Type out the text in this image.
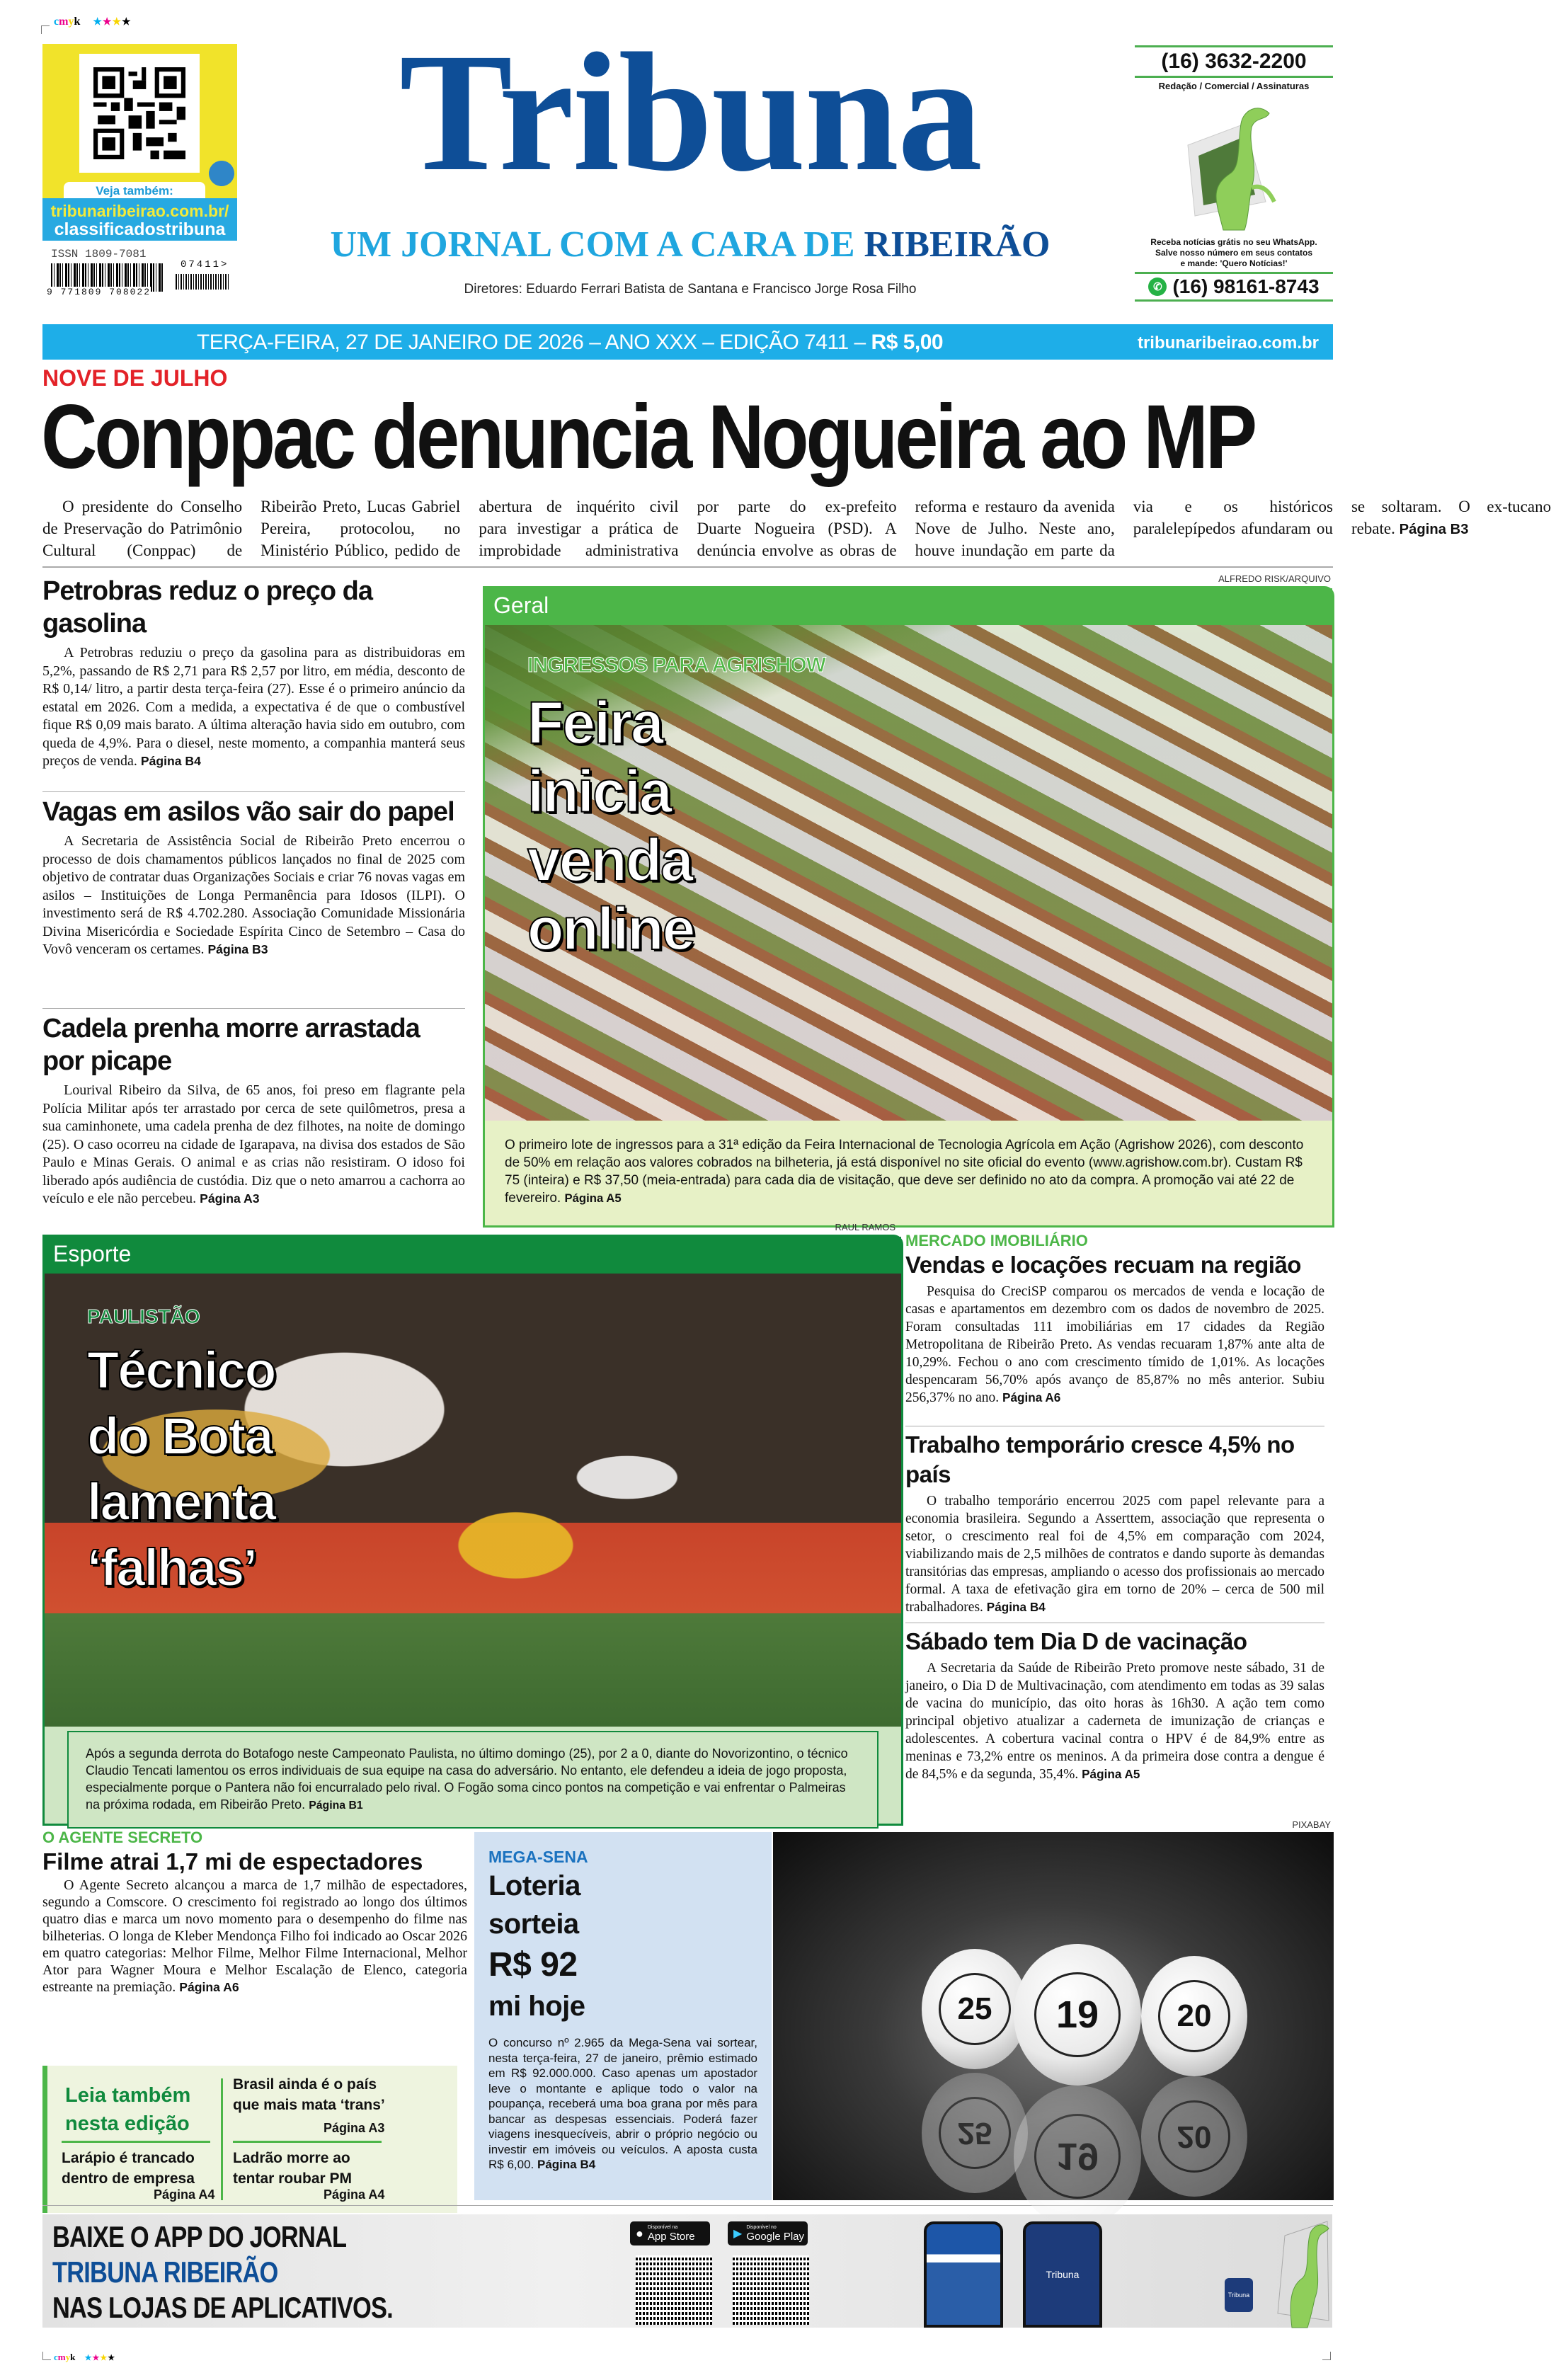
cmyk ★★★★
Veja também:
tribunaribeirao.com.br/
classificadostribuna
ISSN 1809-7081
9 771809 708022
07411>
Tribuna
UM JORNAL COM A CARA DE RIBEIRÃO
Diretores: Eduardo Ferrari Batista de Santana e Francisco Jorge Rosa Filho
(16) 3632-2200
Redação / Comercial / Assinaturas
Receba notícias grátis no seu WhatsApp.
Salve nosso número em seus contatos
e mande: 'Quero Notícias!'
✆ (16) 98161-8743
TERÇA-FEIRA, 27 DE JANEIRO DE 2026 – ANO XXX – EDIÇÃO 7411 – R$ 5,00	tribunaribeirao.com.br
NOVE DE JULHO
Conppac denuncia Nogueira ao MP

O presidente do Conselho de Preservação do Patrimônio Cultural (Conppac) de Ribeirão Preto, Lucas Gabriel Pereira, protocolou, no Ministério Público, pedido de abertura de inquérito civil para investigar a prática de improbidade administrativa por parte do ex-prefeito Duarte Nogueira (PSD). A denúncia envolve as obras de reforma e restauro da avenida Nove de Julho. Neste ano, houve inundação em parte da via e os históricos paralelepípedos afundaram ou se soltaram. O ex-tucano rebate. Página B3

Petrobras reduz o preço da gasolina

A Petrobras reduziu o preço da gasolina para as distribuidoras em 5,2%, passando de R$ 2,71 para R$ 2,57 por litro, em média, desconto de R$ 0,14/ litro, a partir desta terça-feira (27). Esse é o primeiro anúncio da estatal em 2026. Com a medida, a expectativa é de que o combustível fique R$ 0,09 mais barato. A última alteração havia sido em outubro, com queda de 4,9%. Para o diesel, neste momento, a companhia manterá seus preços de venda. Página B4

Vagas em asilos vão sair do papel

A Secretaria de Assistência Social de Ribeirão Preto encerrou o processo de dois chamamentos públicos lançados no final de 2025 com objetivo de contratar duas Organizações Sociais e criar 76 novas vagas em asilos – Instituições de Longa Permanência para Idosos (ILPI). O investimento será de R$ 4.702.280. Associação Comunidade Missionária Divina Misericórdia e Sociedade Espírita Cinco de Setembro – Casa do Vovô venceram os certames. Página B3

Cadela prenha morre arrastada por picape

Lourival Ribeiro da Silva, de 65 anos, foi preso em flagrante pela Polícia Militar após ter arrastado por cerca de sete quilômetros, presa a sua caminhonete, uma cadela prenha de dez filhotes, na noite de domingo (25). O caso ocorreu na cidade de Igarapava, na divisa dos estados de São Paulo e Minas Gerais. O animal e as crias não resistiram. O idoso foi liberado após audiência de custódia. Diz que o neto amarrou a cachorra ao veículo e ele não percebeu. Página A3

ALFREDO RISK/ARQUIVO
Geral
INGRESSOS PARA AGRISHOW
Feira
inicia
venda
online
O primeiro lote de ingressos para a 31ª edição da Feira Internacional de Tecnologia Agrícola em Ação (Agrishow 2026), com desconto de 50% em relação aos valores cobrados na bilheteria, já está disponível no site oficial do evento (www.agrishow.com.br). Custam R$ 75 (inteira) e R$ 37,50 (meia-entrada) para cada dia de visitação, que deve ser definido no ato da compra. A promoção vai até 22 de fevereiro. Página A5
RAUL RAMOS
Esporte
PAULISTÃO
Técnico
do Bota
lamenta
‘falhas’
Após a segunda derrota do Botafogo neste Campeonato Paulista, no último domingo (25), por 2 a 0, diante do Novorizontino, o técnico Claudio Tencati lamentou os erros individuais de sua equipe na casa do adversário. No entanto, ele defendeu a ideia de jogo proposta, especialmente porque o Pantera não foi encurralado pelo rival. O Fogão soma cinco pontos na competição e vai enfrentar o Palmeiras na próxima rodada, em Ribeirão Preto. Página B1
MERCADO IMOBILIÁRIO
Vendas e locações recuam na região

Pesquisa do CreciSP comparou os mercados de venda e locação de casas e apartamentos em dezembro com os dados de novembro de 2025. Foram consultadas 111 imobiliárias em 17 cidades da Região Metropolitana de Ribeirão Preto. As vendas recuaram 1,87% ante alta de 10,29%. Fechou o ano com crescimento tímido de 1,01%. As locações despencaram 56,70% após avanço de 85,87% no mês anterior. Subiu 256,37% no ano. Página A6

Trabalho temporário cresce 4,5% no país

O trabalho temporário encerrou 2025 com papel relevante para a economia brasileira. Segundo a Asserttem, associação que representa o setor, o crescimento real foi de 4,5% em comparação com 2024, viabilizando mais de 2,5 milhões de contratos e dando suporte às demandas transitórias das empresas, ampliando o acesso dos profissionais ao mercado formal. A taxa de efetivação gira em torno de 20% – cerca de 500 mil trabalhadores. Página B4

Sábado tem Dia D de vacinação

A Secretaria da Saúde de Ribeirão Preto promove neste sábado, 31 de janeiro, o Dia D de Multivacinação, com atendimento em todas as 39 salas de vacina do município, das oito horas às 16h30. A ação tem como principal objetivo atualizar a caderneta de imunização de crianças e adolescentes. A cobertura vacinal contra o HPV é de 84,9% entre as meninas e 73,2% entre os meninos. A da primeira dose contra a dengue é de 84,5% e da segunda, 35,4%. Página A5

O AGENTE SECRETO
Filme atrai 1,7 mi de espectadores

O Agente Secreto alcançou a marca de 1,7 milhão de espectadores, segundo a Comscore. O crescimento foi registrado ao longo dos últimos quatro dias e marca um novo momento para o desempenho do filme nas bilheterias. O longa de Kleber Mendonça Filho foi indicado ao Oscar 2026 em quatro categorias: Melhor Filme, Melhor Filme Internacional, Melhor Ator para Wagner Moura e Melhor Escalação de Elenco, categoria estreante na premiação. Página A6

Leia também
nesta edição
Brasil ainda é o país que mais mata ‘trans’
Página A3
Larápio é trancado dentro de empresa
Página A4
Ladrão morre ao tentar roubar PM
Página A4
MEGA-SENA
Loteria sorteia
R$ 92
mi hoje
O concurso nº 2.965 da Mega-Sena vai sortear, nesta terça-feira, 27 de janeiro, prêmio estimado em R$ 92.000.000. Caso apenas um apostador leve o montante e aplique todo o valor na poupança, receberá uma boa grana por mês para bancar as despesas essenciais. Poderá fazer viagens inesquecíveis, abrir o próprio negócio ou investir em imóveis ou veículos. A aposta custa R$ 6,00. Página B4
PIXABAY
25	20
19
25	20
19
BAIXE O APP DO JORNAL
TRIBUNA RIBEIRÃO
NAS LOJAS DE APLICATIVOS.
● Disponível na
App Store	▶
Disponível no
Google Play
Tribuna
Tribuna
cmyk ★★★★
